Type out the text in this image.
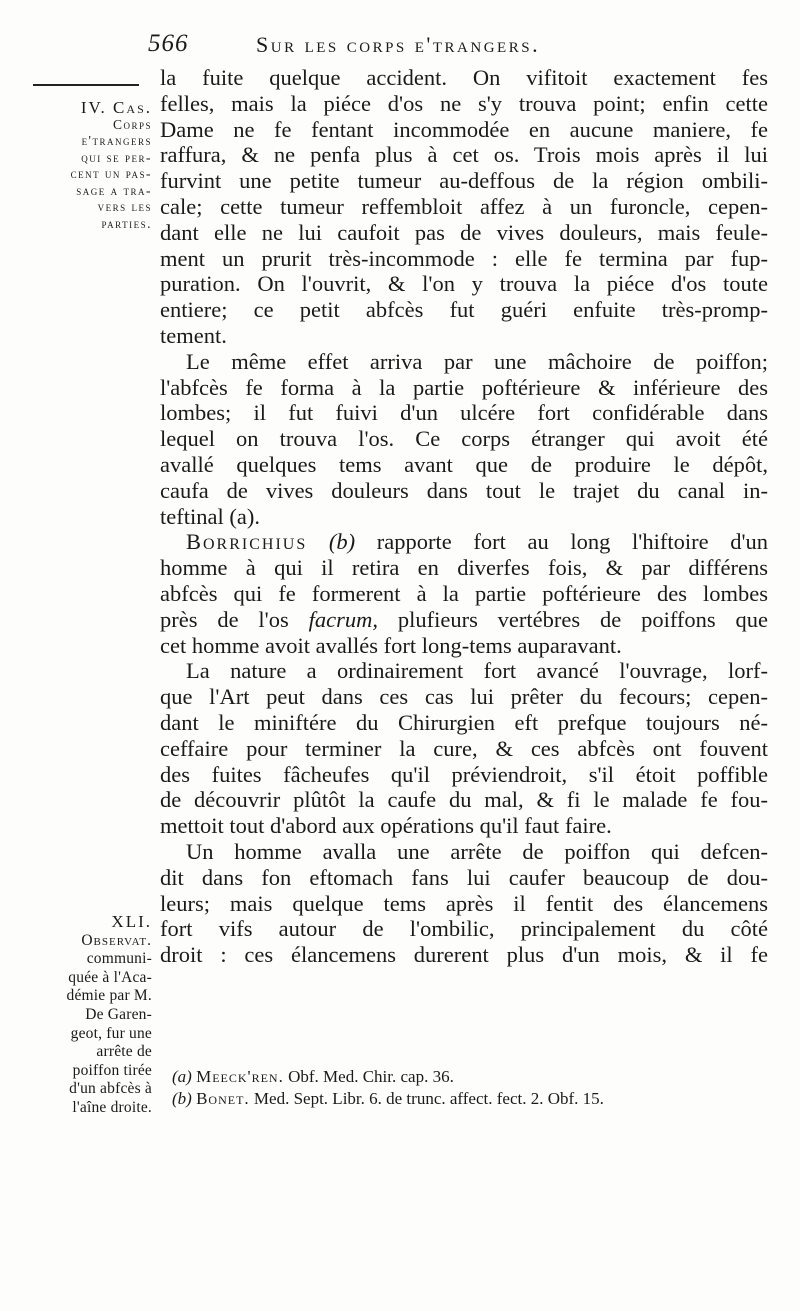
566	Sur les corps e'trangers.
IV. Cas.
Corps
e'trangers
qui se per-
cent un pas-
sage a tra-
vers les
parties.
XLI.
Observat.
communi-
quée à l'Aca-
démie par M.
De Garen-
geot, fur une
arrête de
poiffon tirée
d'un abfcès à
l'aîne droite.
la fuite quelque accident. On vifitoit exactement fes
felles, mais la piéce d'os ne s'y trouva point; enfin cette
Dame ne fe fentant incommodée en aucune maniere, fe
raffura, & ne penfa plus à cet os. Trois mois après il lui
furvint une petite tumeur au-deffous de la région ombili-
cale; cette tumeur reffembloit affez à un furoncle, cepen-
dant elle ne lui caufoit pas de vives douleurs, mais feule-
ment un prurit très-incommode : elle fe termina par fup-
puration. On l'ouvrit, & l'on y trouva la piéce d'os toute
entiere; ce petit abfcès fut guéri enfuite très-promp-
tement.
Le même effet arriva par une mâchoire de poiffon;
l'abfcès fe forma à la partie poftérieure & inférieure des
lombes; il fut fuivi d'un ulcére fort confidérable dans
lequel on trouva l'os. Ce corps étranger qui avoit été
avallé quelques tems avant que de produire le dépôt,
caufa de vives douleurs dans tout le trajet du canal in-
teftinal (a).
Borrichius (b) rapporte fort au long l'hiftoire d'un
homme à qui il retira en diverfes fois, & par différens
abfcès qui fe formerent à la partie poftérieure des lombes
près de l'os facrum, plufieurs vertébres de poiffons que
cet homme avoit avallés fort long-tems auparavant.
La nature a ordinairement fort avancé l'ouvrage, lorf-
que l'Art peut dans ces cas lui prêter du fecours; cepen-
dant le miniftére du Chirurgien eft prefque toujours né-
ceffaire pour terminer la cure, & ces abfcès ont fouvent
des fuites fâcheufes qu'il préviendroit, s'il étoit poffible
de découvrir plûtôt la caufe du mal, & fi le malade fe fou-
mettoit tout d'abord aux opérations qu'il faut faire.
Un homme avalla une arrête de poiffon qui defcen-
dit dans fon eftomach fans lui caufer beaucoup de dou-
leurs; mais quelque tems après il fentit des élancemens
fort vifs autour de l'ombilic, principalement du côté
droit : ces élancemens durerent plus d'un mois, & il fe
(a) Meeck'ren. Obf. Med. Chir. cap. 36.
(b) Bonet. Med. Sept. Libr. 6. de trunc. affect. fect. 2. Obf. 15.
